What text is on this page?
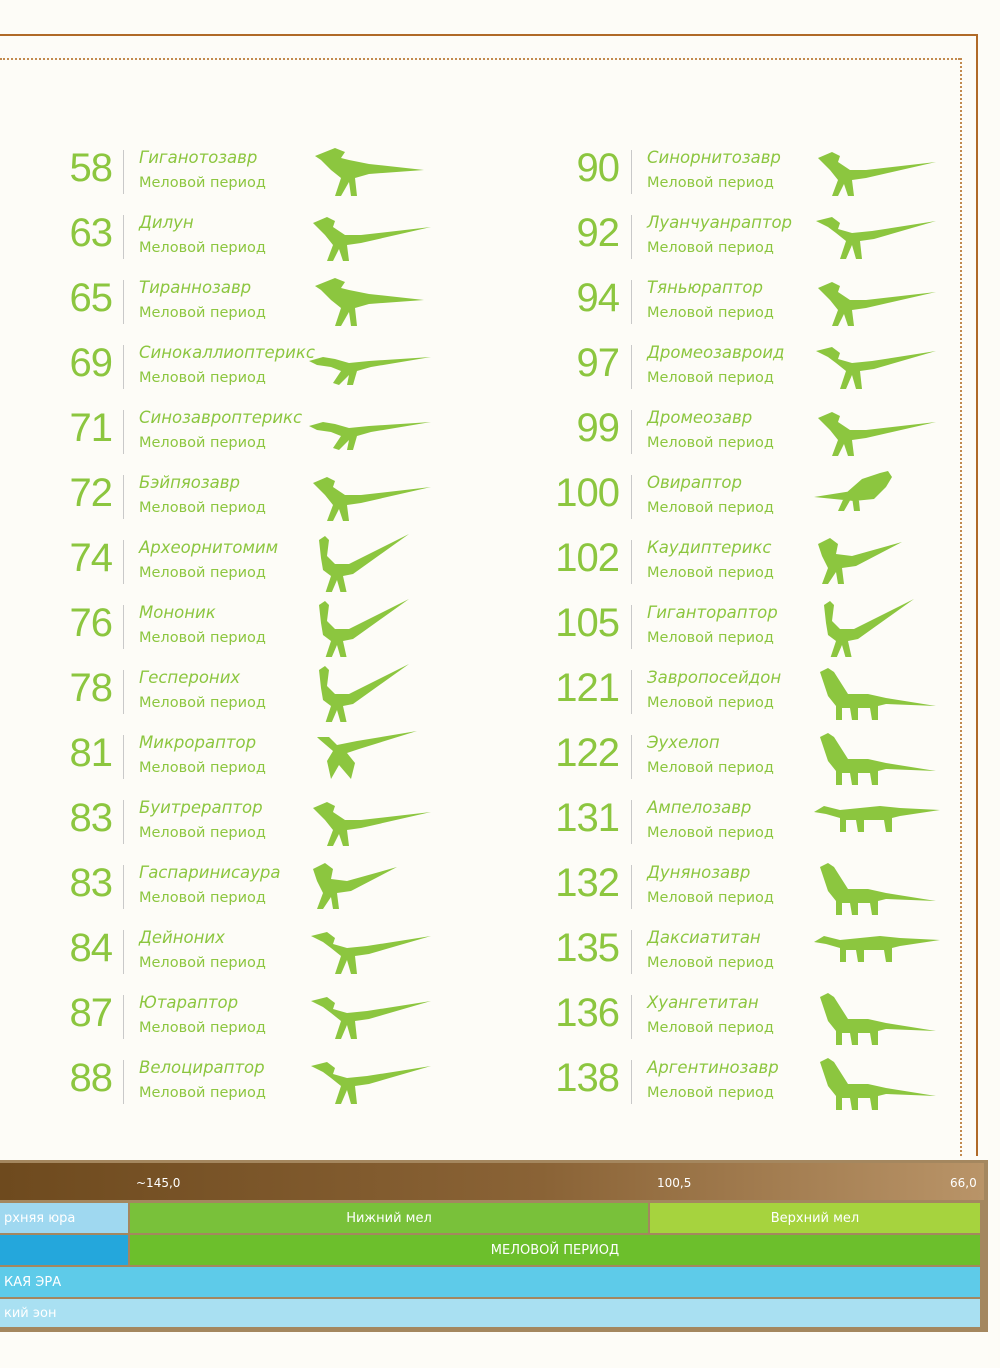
58 Гиганотозавр
Меловой период
63 Дилун
Меловой период
65 Тираннозавр
Меловой период
69 Синокаллиоптерикс
Меловой период
71 Синозавроптерикс
Меловой период
72 Бэйпяозавр
Меловой период
74 Археорнитомим
Меловой период
76 Мононик
Меловой период
78 Геспероних
Меловой период
81 Микрораптор
Меловой период
83 Буитрераптор
Меловой период
83 Гаспаринисаура
Меловой период
84 Дейноних
Меловой период
87 Ютараптор
Меловой период
88 Велоцираптор
Меловой период
90 Синорнитозавр
Меловой период
92 Луанчуанраптор
Меловой период
94 Тяньюраптор
Меловой период
97 Дромеозавроид
Меловой период
99 Дромеозавр
Меловой период
100 Овираптор
Меловой период
102 Каудиптерикс
Меловой период
105 Гиганторaптор
Меловой период
121 Завропосейдон
Меловой период
122 Эухелоп
Меловой период
131 Ампелозавр
Меловой период
132 Дунянозавр
Меловой период
135 Даксиатитан
Меловой период
136 Хуангетитан
Меловой период
138 Аргентинозавр
Меловой период
~145,0	100,5	66,0
рхняя юра	Нижний мел	Верхний мел
МЕЛОВОЙ ПЕРИОД
КАЯ ЭРА
кий эон
